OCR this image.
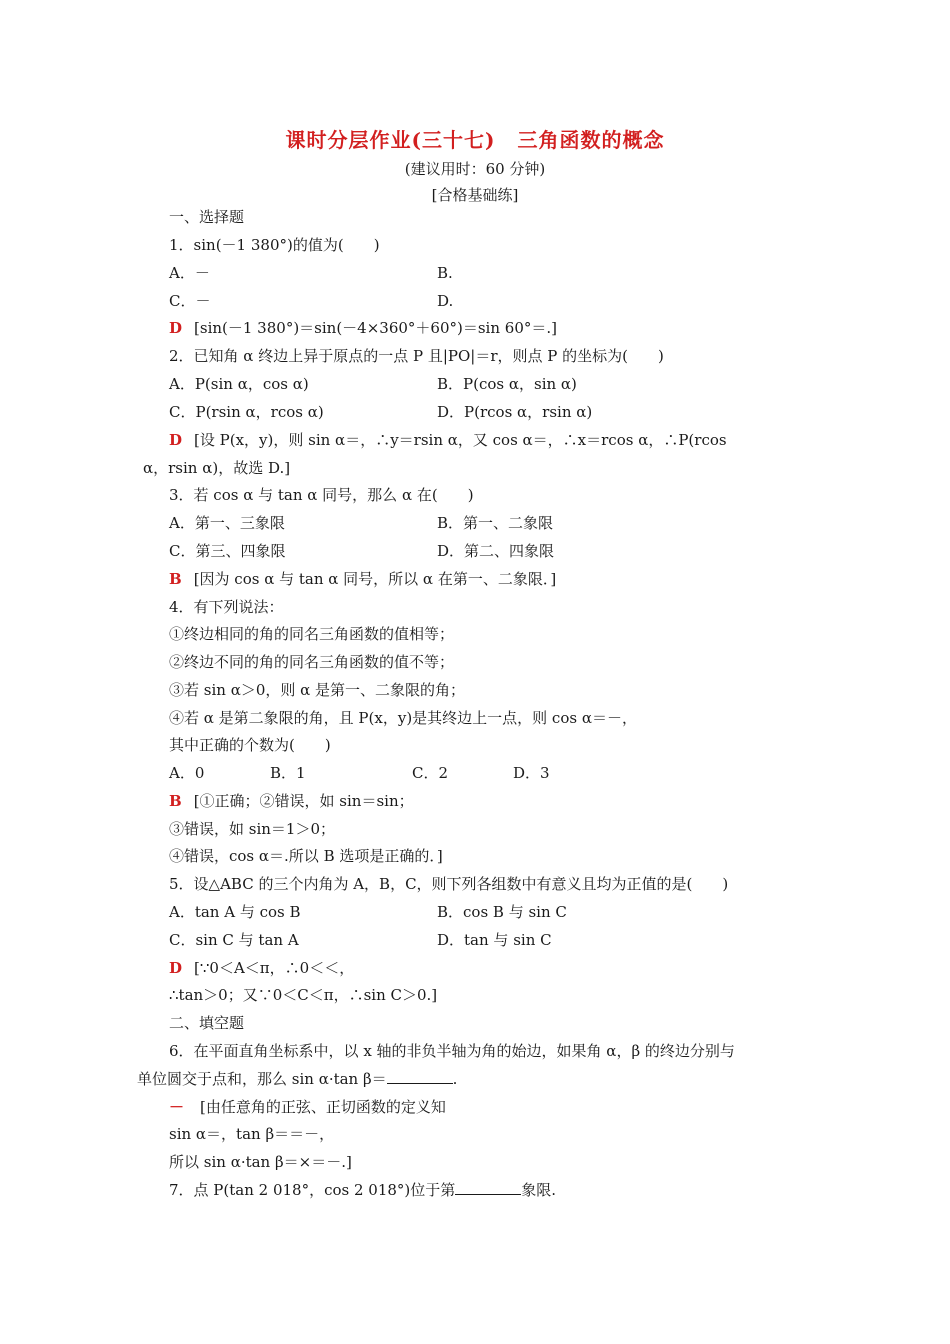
课时分层作业(三十七) 三角函数的概念
(建议用时：60 分钟)
[合格基础练]
一、选择题
1．sin(－1 380°)的值为(　　)
A．－	B.
C．－	D.
D [sin(－1 380°)＝sin(－4×360°＋60°)＝sin 60°＝.]
2．已知角 α 终边上异于原点的一点 P 且|PO|＝r，则点 P 的坐标为(　　)
A．P(sin α，cos α)	B．P(cos α，sin α)
C．P(rsin α，rcos α)	D．P(rcos α，rsin α)
D [设 P(x，y)，则 sin α＝，∴y＝rsin α，又 cos α＝，∴x＝rcos α，∴P(rcos
α，rsin α)，故选 D.]
3．若 cos α 与 tan α 同号，那么 α 在(　　)
A．第一、三象限	B．第一、二象限
C．第三、四象限	D．第二、四象限
B [因为 cos α 与 tan α 同号，所以 α 在第一、二象限．]
4．有下列说法：
①终边相同的角的同名三角函数的值相等；
②终边不同的角的同名三角函数的值不等；
③若 sin α＞0，则 α 是第一、二象限的角；
④若 α 是第二象限的角，且 P(x，y)是其终边上一点，则 cos α＝－，
其中正确的个数为(　　)
A．0	B．1	C．2	D．3
B [①正确；②错误，如 sin＝sin；
③错误，如 sin＝1＞0；
④错误，cos α＝.所以 B 选项是正确的．]
5．设△ABC 的三个内角为 A，B，C，则下列各组数中有意义且均为正值的是(　　)
A．tan A 与 cos B	B．cos B 与 sin C
C．sin C 与 tan A	D．tan 与 sin C
D [∵0＜A＜π，∴0＜＜，
∴tan＞0；又∵0＜C＜π，∴sin C＞0.]
二、填空题
6．在平面直角坐标系中，以 x 轴的非负半轴为角的始边，如果角 α，β 的终边分别与
单位圆交于点和，那么 sin α·tan β＝	.
－ [由任意角的正弦、正切函数的定义知
sin α＝，tan β＝＝－，
所以 sin α·tan β＝×＝－.]
7．点 P(tan 2 018°，cos 2 018°)位于第	象限.
